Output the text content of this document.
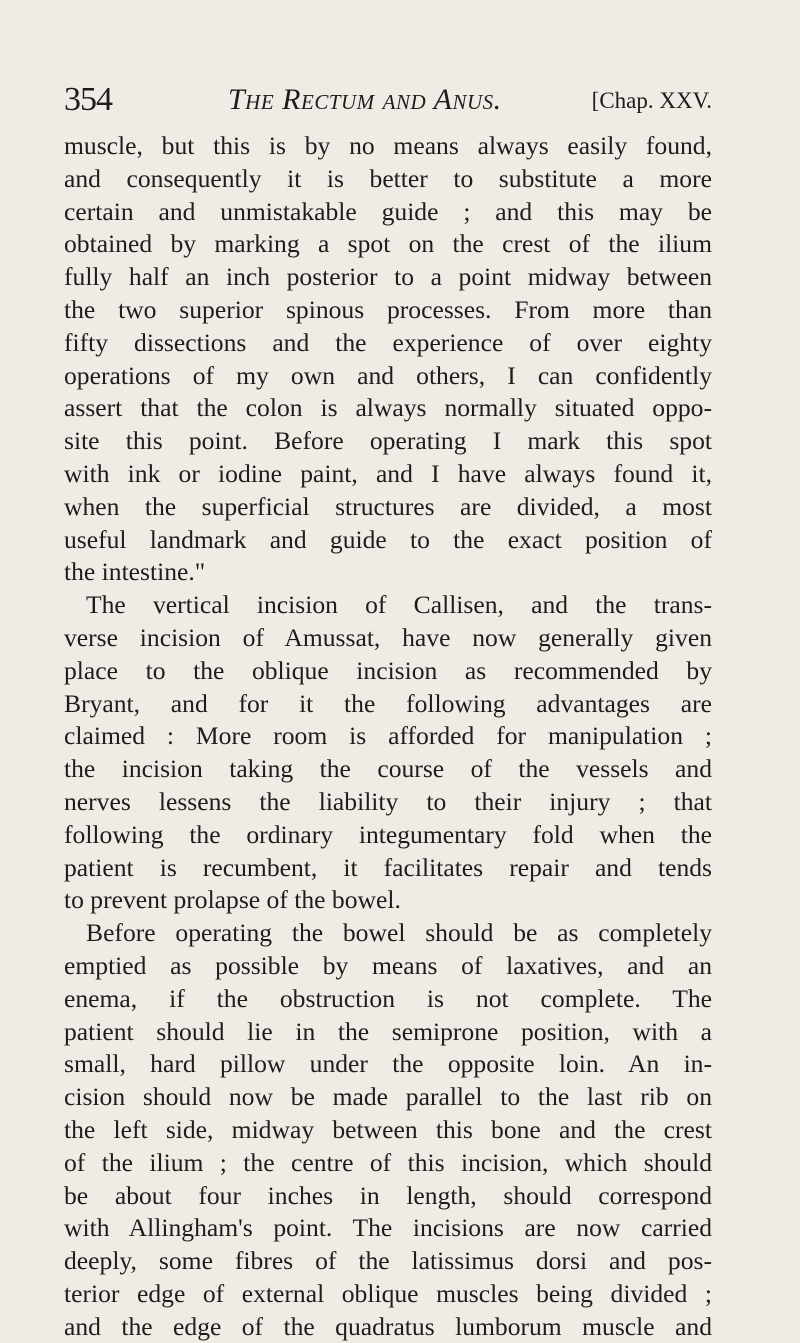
354	The Rectum and Anus.	[Chap. XXV.
muscle, but this is by no means always easily found,
and consequently it is better to substitute a more
certain and unmistakable guide ; and this may be
obtained by marking a spot on the crest of the ilium
fully half an inch posterior to a point midway between
the two superior spinous processes. From more than
fifty dissections and the experience of over eighty
operations of my own and others, I can confidently
assert that the colon is always normally situated oppo-
site this point. Before operating I mark this spot
with ink or iodine paint, and I have always found it,
when the superficial structures are divided, a most
useful landmark and guide to the exact position of
the intestine."
The vertical incision of Callisen, and the trans-
verse incision of Amussat, have now generally given
place to the oblique incision as recommended by
Bryant, and for it the following advantages are
claimed : More room is afforded for manipulation ;
the incision taking the course of the vessels and
nerves lessens the liability to their injury ; that
following the ordinary integumentary fold when the
patient is recumbent, it facilitates repair and tends
to prevent prolapse of the bowel.
Before operating the bowel should be as completely
emptied as possible by means of laxatives, and an
enema, if the obstruction is not complete. The
patient should lie in the semiprone position, with a
small, hard pillow under the opposite loin. An in-
cision should now be made parallel to the last rib on
the left side, midway between this bone and the crest
of the ilium ; the centre of this incision, which should
be about four inches in length, should correspond
with Allingham's point. The incisions are now carried
deeply, some fibres of the latissimus dorsi and pos-
terior edge of external oblique muscles being divided ;
and the edge of the quadratus lumborum muscle and
